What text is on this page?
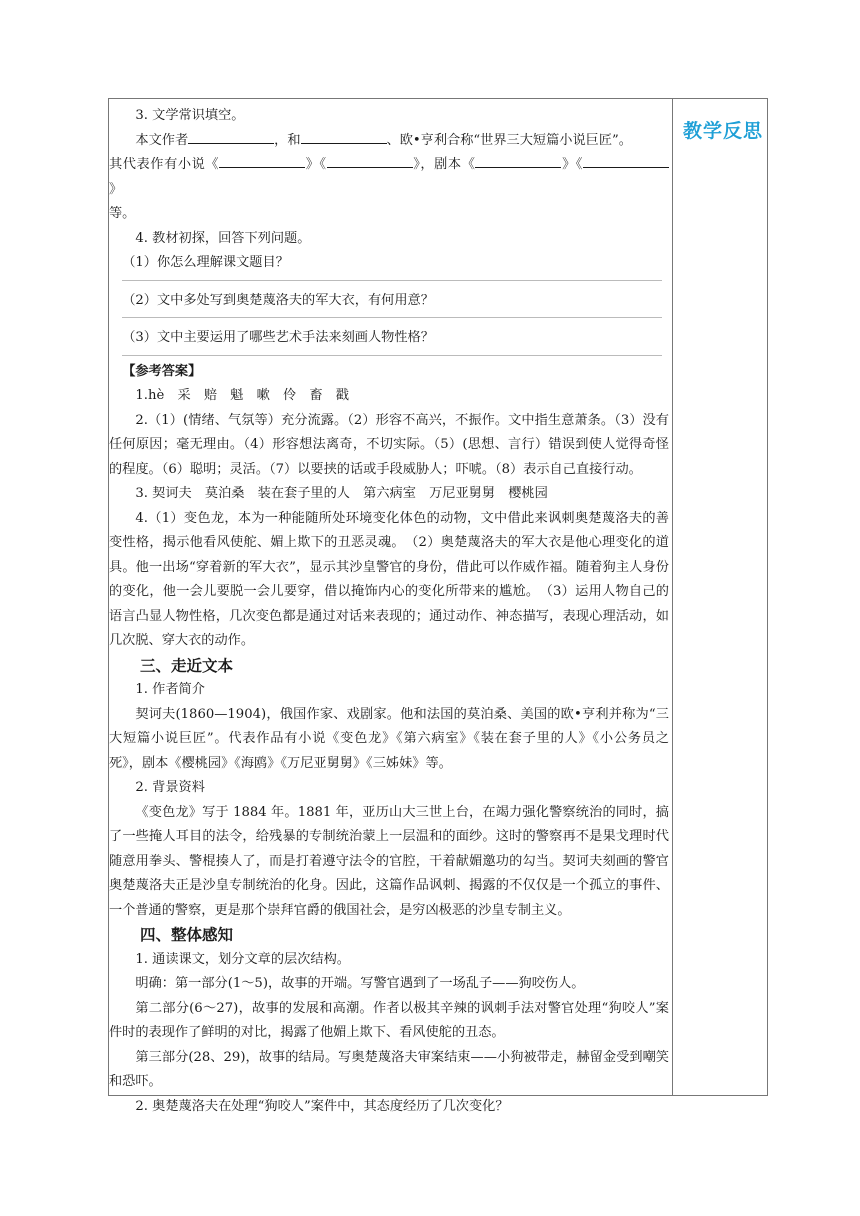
3. 文学常识填空。

本文作者	，和	、欧•亨利合称“世界三大短篇小说巨匠”。

其代表作有小说《	》《	》，剧本《	》《》

等。

4. 教材初探，回答下列问题。

（1）你怎么理解课文题目？

（2）文中多处写到奥楚蔑洛夫的军大衣，有何用意？

（3）文中主要运用了哪些艺术手法来刻画人物性格？

【参考答案】

1.hè　采　赔　魁　嗽　伶　畜　戳

2.（1）(情绪、气氛等）充分流露。（2）形容不高兴，不振作。文中指生意萧条。（3）没有任何原因；毫无理由。（4）形容想法离奇，不切实际。（5）(思想、言行）错误到使人觉得奇怪的程度。（6）聪明；灵活。（7）以要挟的话或手段威胁人；吓唬。（8）表示自己直接行动。

3. 契诃夫　莫泊桑　装在套子里的人　第六病室　万尼亚舅舅　樱桃园

4.（1）变色龙，本为一种能随所处环境变化体色的动物，文中借此来讽刺奥楚蔑洛夫的善变性格，揭示他看风使舵、媚上欺下的丑恶灵魂。　（2）奥楚蔑洛夫的军大衣是他心理变化的道具。他一出场“穿着新的军大衣”，显示其沙皇警官的身份，借此可以作威作福。随着狗主人身份的变化，他一会儿要脱一会儿要穿，借以掩饰内心的变化所带来的尴尬。　（3）运用人物自己的语言凸显人物性格，几次变色都是通过对话来表现的；通过动作、神态描写，表现心理活动，如几次脱、穿大衣的动作。

三、走近文本

1. 作者简介

契诃夫(1860—1904)，俄国作家、戏剧家。他和法国的莫泊桑、美国的欧•亨利并称为“三大短篇小说巨匠”。代表作品有小说《变色龙》《第六病室》《装在套子里的人》《小公务员之死》，剧本《樱桃园》《海鸥》《万尼亚舅舅》《三姊妹》等。

2. 背景资料

《变色龙》写于 1884 年。1881 年，亚历山大三世上台，在竭力强化警察统治的同时，搞了一些掩人耳目的法令，给残暴的专制统治蒙上一层温和的面纱。这时的警察再不是果戈理时代随意用拳头、警棍揍人了，而是打着遵守法令的官腔，干着献媚邀功的勾当。契诃夫刻画的警官奥楚蔑洛夫正是沙皇专制统治的化身。因此，这篇作品讽刺、揭露的不仅仅是一个孤立的事件、一个普通的警察，更是那个崇拜官爵的俄国社会，是穷凶极恶的沙皇专制主义。

四、整体感知

1. 通读课文，划分文章的层次结构。

明确：第一部分(1～5)，故事的开端。写警官遇到了一场乱子——狗咬伤人。

第二部分(6～27)，故事的发展和高潮。作者以极其辛辣的讽刺手法对警官处理“狗咬人”案件时的表现作了鲜明的对比，揭露了他媚上欺下、看风使舵的丑态。

第三部分(28、29)，故事的结局。写奥楚蔑洛夫审案结束——小狗被带走，赫留金受到嘲笑和恐吓。

2. 奥楚蔑洛夫在处理“狗咬人”案件中，其态度经历了几次变化？

教学反思
